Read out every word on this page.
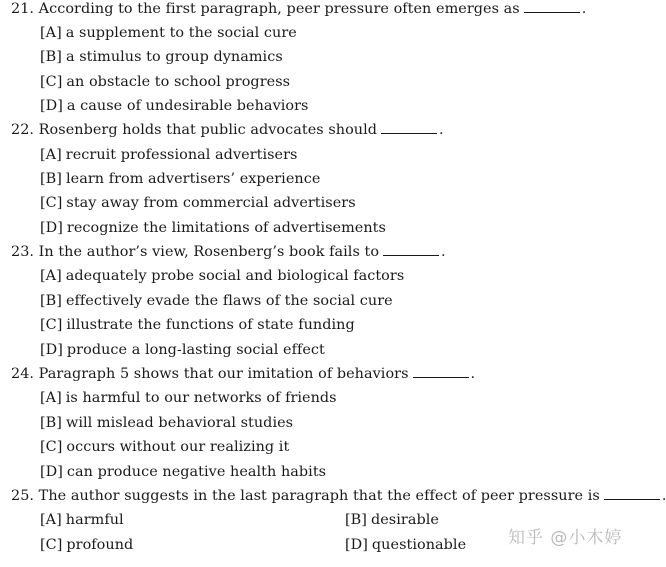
21. According to the first paragraph, peer pressure often emerges as	.
[A] a supplement to the social cure
[B] a stimulus to group dynamics
[C] an obstacle to school progress
[D] a cause of undesirable behaviors
22. Rosenberg holds that public advocates should	.
[A] recruit professional advertisers
[B] learn from advertisers’ experience
[C] stay away from commercial advertisers
[D] recognize the limitations of advertisements
23. In the author’s view, Rosenberg’s book fails to	.
[A] adequately probe social and biological factors
[B] effectively evade the flaws of the social cure
[C] illustrate the functions of state funding
[D] produce a long-lasting social effect
24. Paragraph 5 shows that our imitation of behaviors	.
[A] is harmful to our networks of friends
[B] will mislead behavioral studies
[C] occurs without our realizing it
[D] can produce negative health habits
25. The author suggests in the last paragraph that the effect of peer pressure is	.
[A] harmful	[B] desirable
[C] profound	[D] questionable 知乎 @小木婷
